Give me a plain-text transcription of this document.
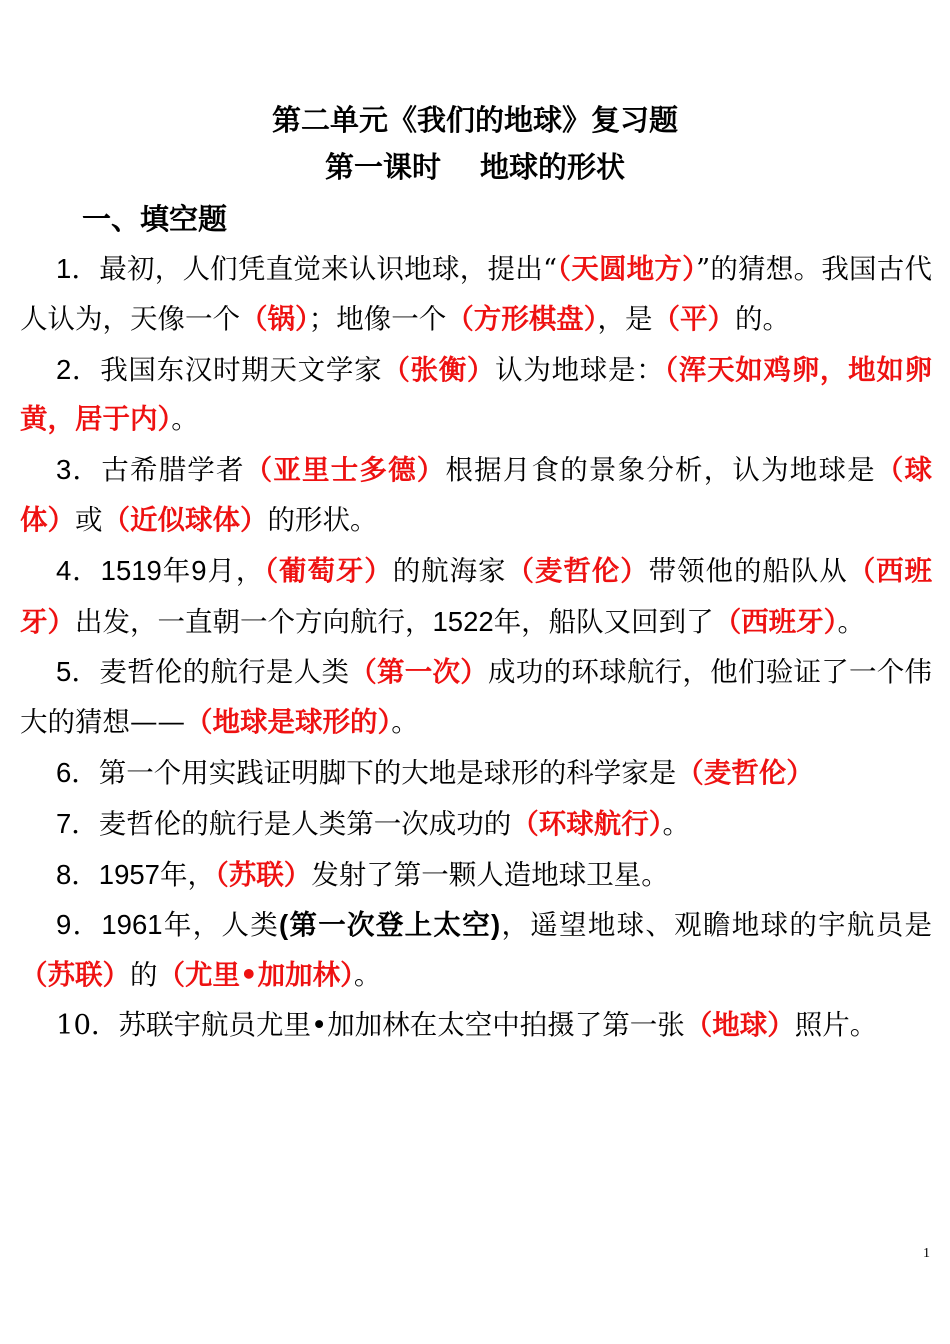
第二单元《我们的地球》复习题
第一课时　 地球的形状
一、填空题

1．最初，人们凭直觉来认识地球，提出“（天圆地方）”的猜想。我国古代人认为，天像一个（锅）；地像一个（方形棋盘），是（平）的。

2．我国东汉时期天文学家（张衡）认为地球是：（浑天如鸡卵，地如卵黄，居于内）。

3．古希腊学者（亚里士多德）根据月食的景象分析，认为地球是（球体）或（近似球体）的形状。

4．1519年9月，（葡萄牙）的航海家（麦哲伦）带领他的船队从（西班牙）出发，一直朝一个方向航行，1522年，船队又回到了（西班牙）。

5．麦哲伦的航行是人类（第一次）成功的环球航行，他们验证了一个伟大的猜想——（地球是球形的）。

6．第一个用实践证明脚下的大地是球形的科学家是（麦哲伦）

7．麦哲伦的航行是人类第一次成功的（环球航行）。

8．1957年，（苏联）发射了第一颗人造地球卫星。

9．1961年，人类(第一次登上太空)，遥望地球、观瞻地球的宇航员是（苏联）的（尤里•加加林）。

10．苏联宇航员尤里•加加林在太空中拍摄了第一张（地球）照片。

1
